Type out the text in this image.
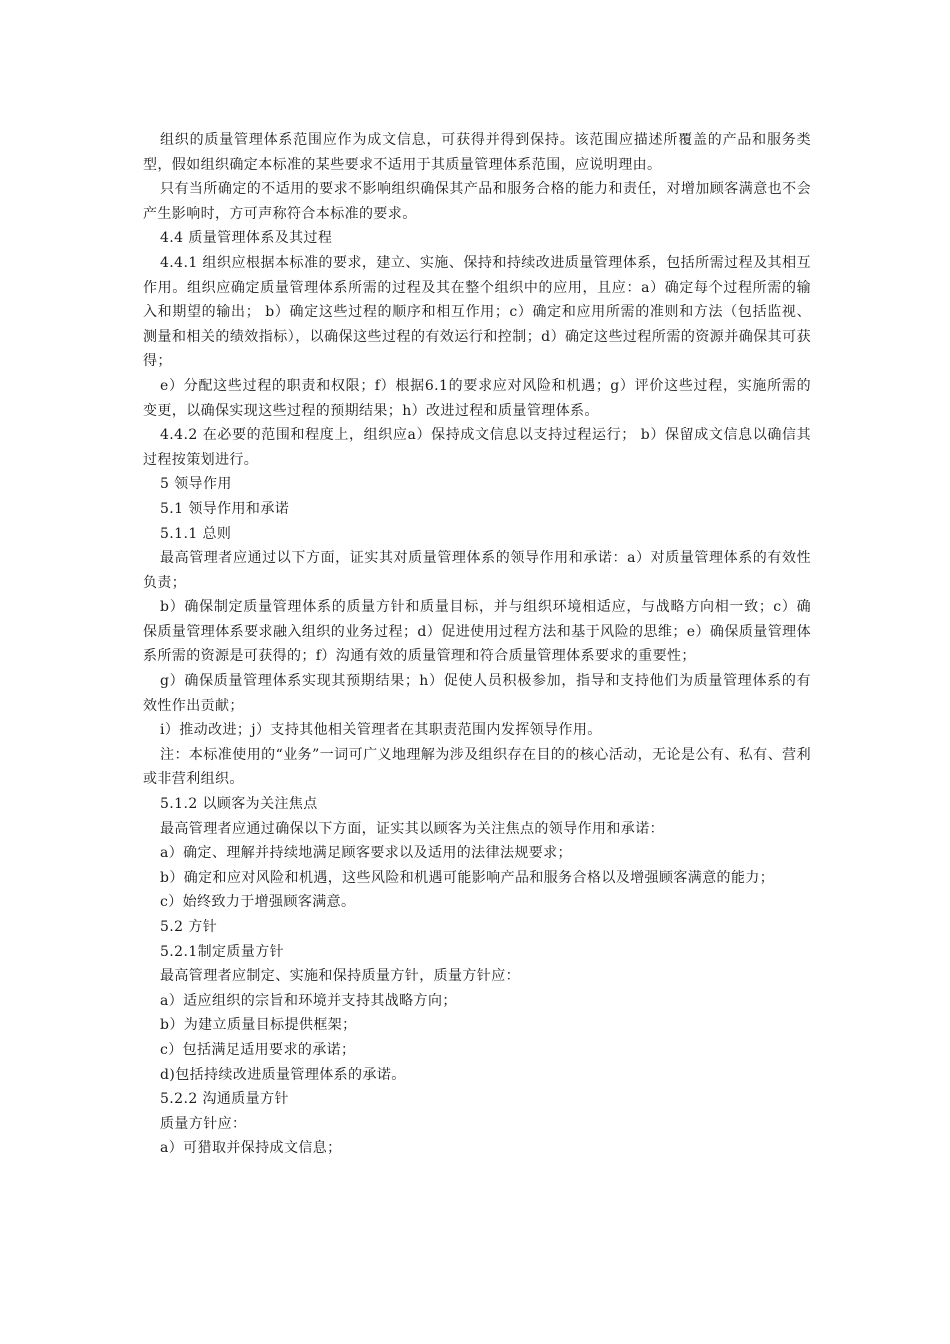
组织的质量管理体系范围应作为成文信息，可获得并得到保持。该范围应描述所覆盖的产品和服务类型，假如组织确定本标准的某些要求不适用于其质量管理体系范围，应说明理由。

只有当所确定的不适用的要求不影响组织确保其产品和服务合格的能力和责任，对增加顾客满意也不会产生影响时，方可声称符合本标准的要求。

4.4 质量管理体系及其过程

4.4.1 组织应根据本标准的要求，建立、实施、保持和持续改进质量管理体系，包括所需过程及其相互作用。组织应确定质量管理体系所需的过程及其在整个组织中的应用，且应：a）确定每个过程所需的输入和期望的输出； b）确定这些过程的顺序和相互作用；c）确定和应用所需的准则和方法（包括监视、测量和相关的绩效指标），以确保这些过程的有效运行和控制；d）确定这些过程所需的资源并确保其可获得；

e）分配这些过程的职责和权限；f）根据6.1的要求应对风险和机遇；g）评价这些过程，实施所需的变更，以确保实现这些过程的预期结果；h）改进过程和质量管理体系。

4.4.2 在必要的范围和程度上，组织应a）保持成文信息以支持过程运行； b）保留成文信息以确信其过程按策划进行。

5 领导作用

5.1 领导作用和承诺

5.1.1 总则

最高管理者应通过以下方面，证实其对质量管理体系的领导作用和承诺：a）对质量管理体系的有效性负责；

b）确保制定质量管理体系的质量方针和质量目标，并与组织环境相适应，与战略方向相一致；c）确保质量管理体系要求融入组织的业务过程；d）促进使用过程方法和基于风险的思维；e）确保质量管理体系所需的资源是可获得的；f）沟通有效的质量管理和符合质量管理体系要求的重要性；

g）确保质量管理体系实现其预期结果；h）促使人员积极参加，指导和支持他们为质量管理体系的有效性作出贡献；

i）推动改进；j）支持其他相关管理者在其职责范围内发挥领导作用。

注：本标准使用的“业务”一词可广义地理解为涉及组织存在目的的核心活动，无论是公有、私有、营利或非营利组织。

5.1.2 以顾客为关注焦点

最高管理者应通过确保以下方面，证实其以顾客为关注焦点的领导作用和承诺：

a）确定、理解并持续地满足顾客要求以及适用的法律法规要求；

b）确定和应对风险和机遇，这些风险和机遇可能影响产品和服务合格以及增强顾客满意的能力；

c）始终致力于增强顾客满意。

5.2 方针

5.2.1制定质量方针

最高管理者应制定、实施和保持质量方针，质量方针应：

a）适应组织的宗旨和环境并支持其战略方向；

b）为建立质量目标提供框架；

c）包括满足适用要求的承诺；

d)包括持续改进质量管理体系的承诺。

5.2.2 沟通质量方针

质量方针应：

a）可猎取并保持成文信息；
